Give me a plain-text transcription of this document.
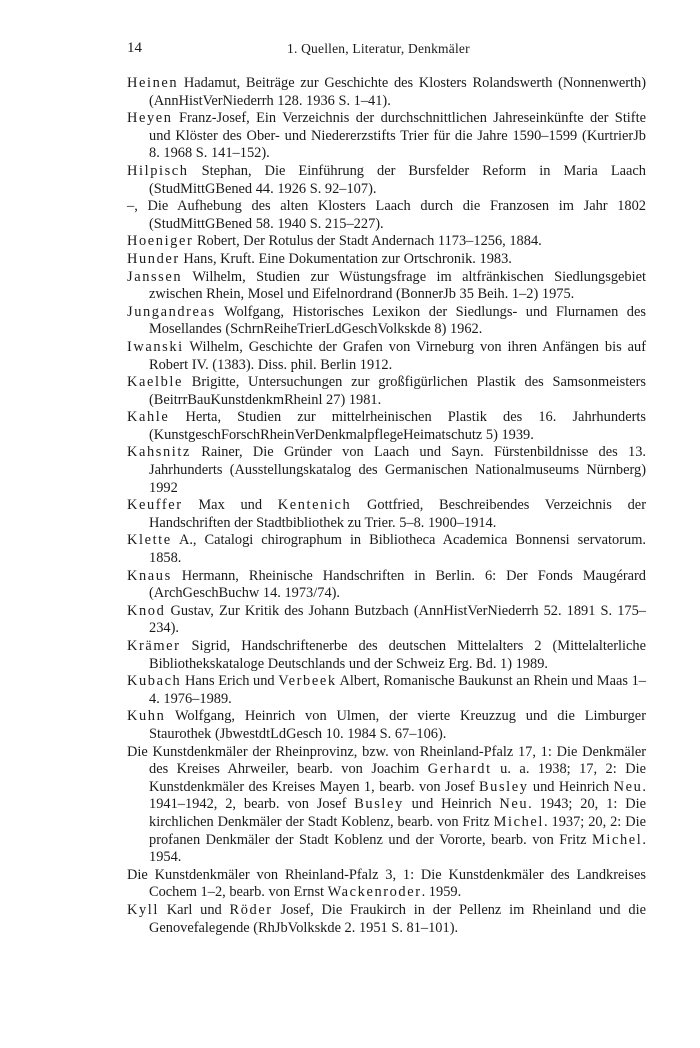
14	1. Quellen, Literatur, Denkmäler
Heinen Hadamut, Beiträge zur Geschichte des Klosters Rolandswerth (Nonnenwerth) (AnnHistVerNiederrh 128. 1936 S. 1–41).
Heyen Franz-Josef, Ein Verzeichnis der durchschnittlichen Jahreseinkünfte der Stifte und Klöster des Ober- und Niedererzstifts Trier für die Jahre 1590–1599 (KurtrierJb 8. 1968 S. 141–152).
Hilpisch Stephan, Die Einführung der Bursfelder Reform in Maria Laach (StudMittGBened 44. 1926 S. 92–107).
–, Die Aufhebung des alten Klosters Laach durch die Franzosen im Jahr 1802 (StudMittGBened 58. 1940 S. 215–227).
Hoeniger Robert, Der Rotulus der Stadt Andernach 1173–1256, 1884.
Hunder Hans, Kruft. Eine Dokumentation zur Ortschronik. 1983.
Janssen Wilhelm, Studien zur Wüstungsfrage im altfränkischen Siedlungsgebiet zwischen Rhein, Mosel und Eifelnordrand (BonnerJb 35 Beih. 1–2) 1975.
Jungandreas Wolfgang, Historisches Lexikon der Siedlungs- und Flurnamen des Mosellandes (SchrnReiheTrierLdGeschVolkskde 8) 1962.
Iwanski Wilhelm, Geschichte der Grafen von Virneburg von ihren Anfängen bis auf Robert IV. (1383). Diss. phil. Berlin 1912.
Kaelble Brigitte, Untersuchungen zur großfigürlichen Plastik des Samsonmeisters (BeitrrBauKunstdenkmRheinl 27) 1981.
Kahle Herta, Studien zur mittelrheinischen Plastik des 16. Jahrhunderts (KunstgeschForschRheinVerDenkmalpflegeHeimatschutz 5) 1939.
Kahsnitz Rainer, Die Gründer von Laach und Sayn. Fürstenbildnisse des 13. Jahrhunderts (Ausstellungskatalog des Germanischen Nationalmuseums Nürnberg) 1992
Keuffer Max und Kentenich Gottfried, Beschreibendes Verzeichnis der Handschriften der Stadtbibliothek zu Trier. 5–8. 1900–1914.
Klette A., Catalogi chirographum in Bibliotheca Academica Bonnensi servatorum. 1858.
Knaus Hermann, Rheinische Handschriften in Berlin. 6: Der Fonds Maugérard (ArchGeschBuchw 14. 1973/74).
Knod Gustav, Zur Kritik des Johann Butzbach (AnnHistVerNiederrh 52. 1891 S. 175–234).
Krämer Sigrid, Handschriftenerbe des deutschen Mittelalters 2 (Mittelalterliche Bibliothekskataloge Deutschlands und der Schweiz Erg. Bd. 1) 1989.
Kubach Hans Erich und Verbeek Albert, Romanische Baukunst an Rhein und Maas 1–4. 1976–1989.
Kuhn Wolfgang, Heinrich von Ulmen, der vierte Kreuzzug und die Limburger Staurothek (JbwestdtLdGesch 10. 1984 S. 67–106).
Die Kunstdenkmäler der Rheinprovinz, bzw. von Rheinland-Pfalz 17, 1: Die Denkmäler des Kreises Ahrweiler, bearb. von Joachim Gerhardt u. a. 1938; 17, 2: Die Kunstdenkmäler des Kreises Mayen 1, bearb. von Josef Busley und Heinrich Neu. 1941–1942, 2, bearb. von Josef Busley und Heinrich Neu. 1943; 20, 1: Die kirchlichen Denkmäler der Stadt Koblenz, bearb. von Fritz Michel. 1937; 20, 2: Die profanen Denkmäler der Stadt Koblenz und der Vororte, bearb. von Fritz Michel. 1954.
Die Kunstdenkmäler von Rheinland-Pfalz 3, 1: Die Kunstdenkmäler des Landkreises Cochem 1–2, bearb. von Ernst Wackenroder. 1959.
Kyll Karl und Röder Josef, Die Fraukirch in der Pellenz im Rheinland und die Genovefalegende (RhJbVolkskde 2. 1951 S. 81–101).
